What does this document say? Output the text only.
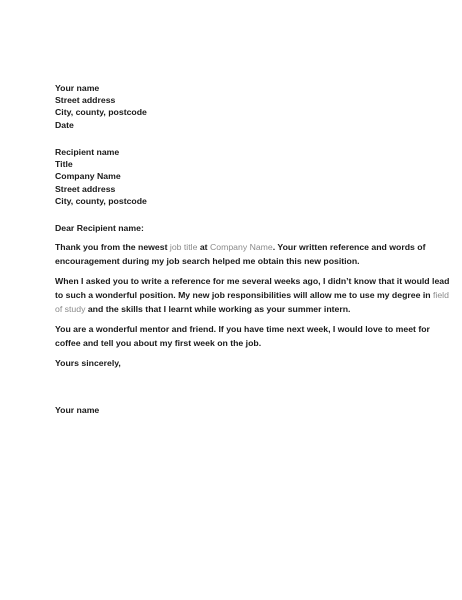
Your name
Street address
City, county, postcode
Date
Recipient name
Title
Company Name
Street address
City, county, postcode
Dear Recipient name:
Thank you from the newest job title at Company Name. Your written reference and words of
encouragement during my job search helped me obtain this new position.
When I asked you to write a reference for me several weeks ago, I didn’t know that it would lead
to such a wonderful position. My new job responsibilities will allow me to use my degree in field
of study and the skills that I learnt while working as your summer intern.
You are a wonderful mentor and friend. If you have time next week, I would love to meet for
coffee and tell you about my first week on the job.
Yours sincerely,
Your name
